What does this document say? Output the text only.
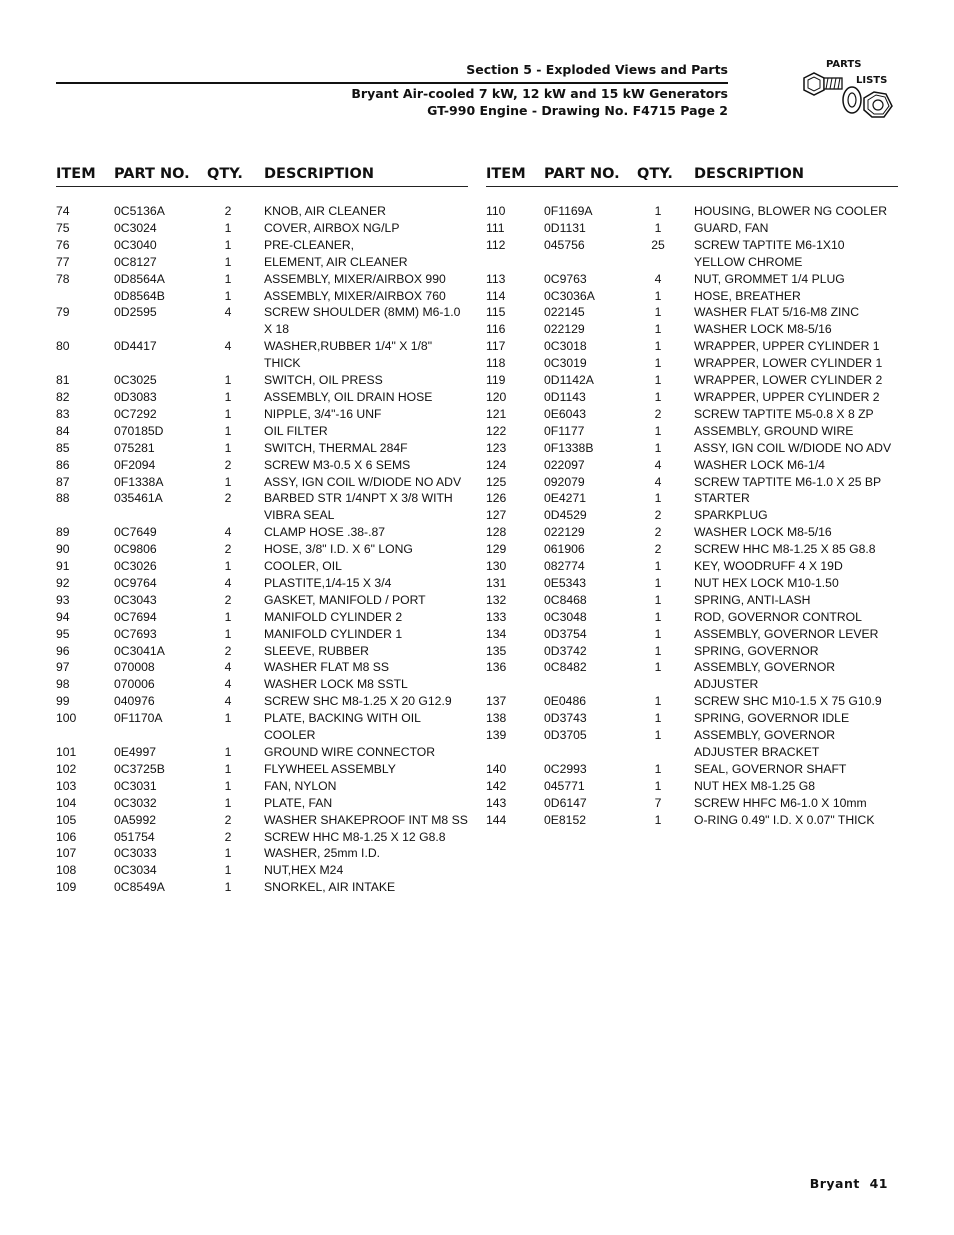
Section 5 - Exploded Views and Parts
Bryant Air-cooled 7 kW, 12 kW and 15 kW Generators
GT-990 Engine - Drawing No. F4715 Page 2
PARTS
LISTS
ITEM PART NO. QTY. DESCRIPTION
74	0C5136A	2	KNOB, AIR CLEANER
75	0C3024	1	COVER, AIRBOX NG/LP
76	0C3040	1	PRE-CLEANER,
77	0C8127	1	ELEMENT, AIR CLEANER
78	0D8564A	1	ASSEMBLY, MIXER/AIRBOX 990
0D8564B	1	ASSEMBLY, MIXER/AIRBOX 760
79	0D2595	4	SCREW SHOULDER (8MM) M6-1.0 X 18
80	0D4417	4	WASHER,RUBBER 1/4" X 1/8" THICK
81	0C3025	1	SWITCH, OIL PRESS
82	0D3083	1	ASSEMBLY, OIL DRAIN HOSE
83	0C7292	1	NIPPLE, 3/4"-16 UNF
84	070185D	1	OIL FILTER
85	075281	1	SWITCH, THERMAL 284F
86	0F2094	2	SCREW M3-0.5 X 6 SEMS
87	0F1338A	1	ASSY, IGN COIL W/DIODE NO ADV
88	035461A	2	BARBED STR 1/4NPT X 3/8 WITH VIBRA SEAL
89	0C7649	4	CLAMP HOSE .38-.87
90	0C9806	2	HOSE, 3/8" I.D. X 6" LONG
91	0C3026	1	COOLER, OIL
92	0C9764	4	PLASTITE,1/4-15 X 3/4
93	0C3043	2	GASKET, MANIFOLD / PORT
94	0C7694	1	MANIFOLD CYLINDER 2
95	0C7693	1	MANIFOLD CYLINDER 1
96	0C3041A	2	SLEEVE, RUBBER
97	070008	4	WASHER FLAT M8 SS
98	070006	4	WASHER LOCK M8 SSTL
99	040976	4	SCREW SHC M8-1.25 X 20 G12.9
100	0F1170A	1	PLATE, BACKING WITH OIL COOLER
101	0E4997	1	GROUND WIRE CONNECTOR
102	0C3725B	1	FLYWHEEL ASSEMBLY
103	0C3031	1	FAN, NYLON
104	0C3032	1	PLATE, FAN
105	0A5992	2	WASHER SHAKEPROOF INT M8 SS
106	051754	2	SCREW HHC M8-1.25 X 12 G8.8
107	0C3033	1	WASHER, 25mm I.D.
108	0C3034	1	NUT,HEX M24
109	0C8549A	1	SNORKEL, AIR INTAKE
ITEM PART NO. QTY. DESCRIPTION
110	0F1169A	1	HOUSING, BLOWER NG COOLER
111	0D1131	1	GUARD, FAN
112	045756	25 SCREW TAPTITE M6-1X10 YELLOW CHROME
113	0C9763	4	NUT, GROMMET 1/4 PLUG
114	0C3036A	1	HOSE, BREATHER
115	022145	1	WASHER FLAT 5/16-M8 ZINC
116	022129	1	WASHER LOCK M8-5/16
117	0C3018	1	WRAPPER, UPPER CYLINDER 1
118	0C3019	1	WRAPPER, LOWER CYLINDER 1
119	0D1142A	1	WRAPPER, LOWER CYLINDER 2
120	0D1143	1	WRAPPER, UPPER CYLINDER 2
121	0E6043	2	SCREW TAPTITE M5-0.8 X 8 ZP
122	0F1177	1	ASSEMBLY, GROUND WIRE
123	0F1338B	1	ASSY, IGN COIL W/DIODE NO ADV
124	022097	4	WASHER LOCK M6-1/4
125	092079	4	SCREW TAPTITE M6-1.0 X 25 BP
126	0E4271	1	STARTER
127	0D4529	2	SPARKPLUG
128	022129	2	WASHER LOCK M8-5/16
129	061906	2	SCREW HHC M8-1.25 X 85 G8.8
130	082774	1	KEY, WOODRUFF 4 X 19D
131	0E5343	1	NUT HEX LOCK M10-1.50
132	0C8468	1	SPRING, ANTI-LASH
133	0C3048	1	ROD, GOVERNOR CONTROL
134	0D3754	1	ASSEMBLY, GOVERNOR LEVER
135	0D3742	1	SPRING, GOVERNOR
136	0C8482	1	ASSEMBLY, GOVERNOR ADJUSTER
137	0E0486	1	SCREW SHC M10-1.5 X 75 G10.9
138	0D3743	1	SPRING, GOVERNOR IDLE
139	0D3705	1	ASSEMBLY, GOVERNOR ADJUSTER BRACKET
140	0C2993	1	SEAL, GOVERNOR SHAFT
142	045771	1	NUT HEX M8-1.25 G8
143	0D6147	7	SCREW HHFC M6-1.0 X 10mm
144	0E8152	1	O-RING 0.49" I.D. X 0.07" THICK
Bryant 41
